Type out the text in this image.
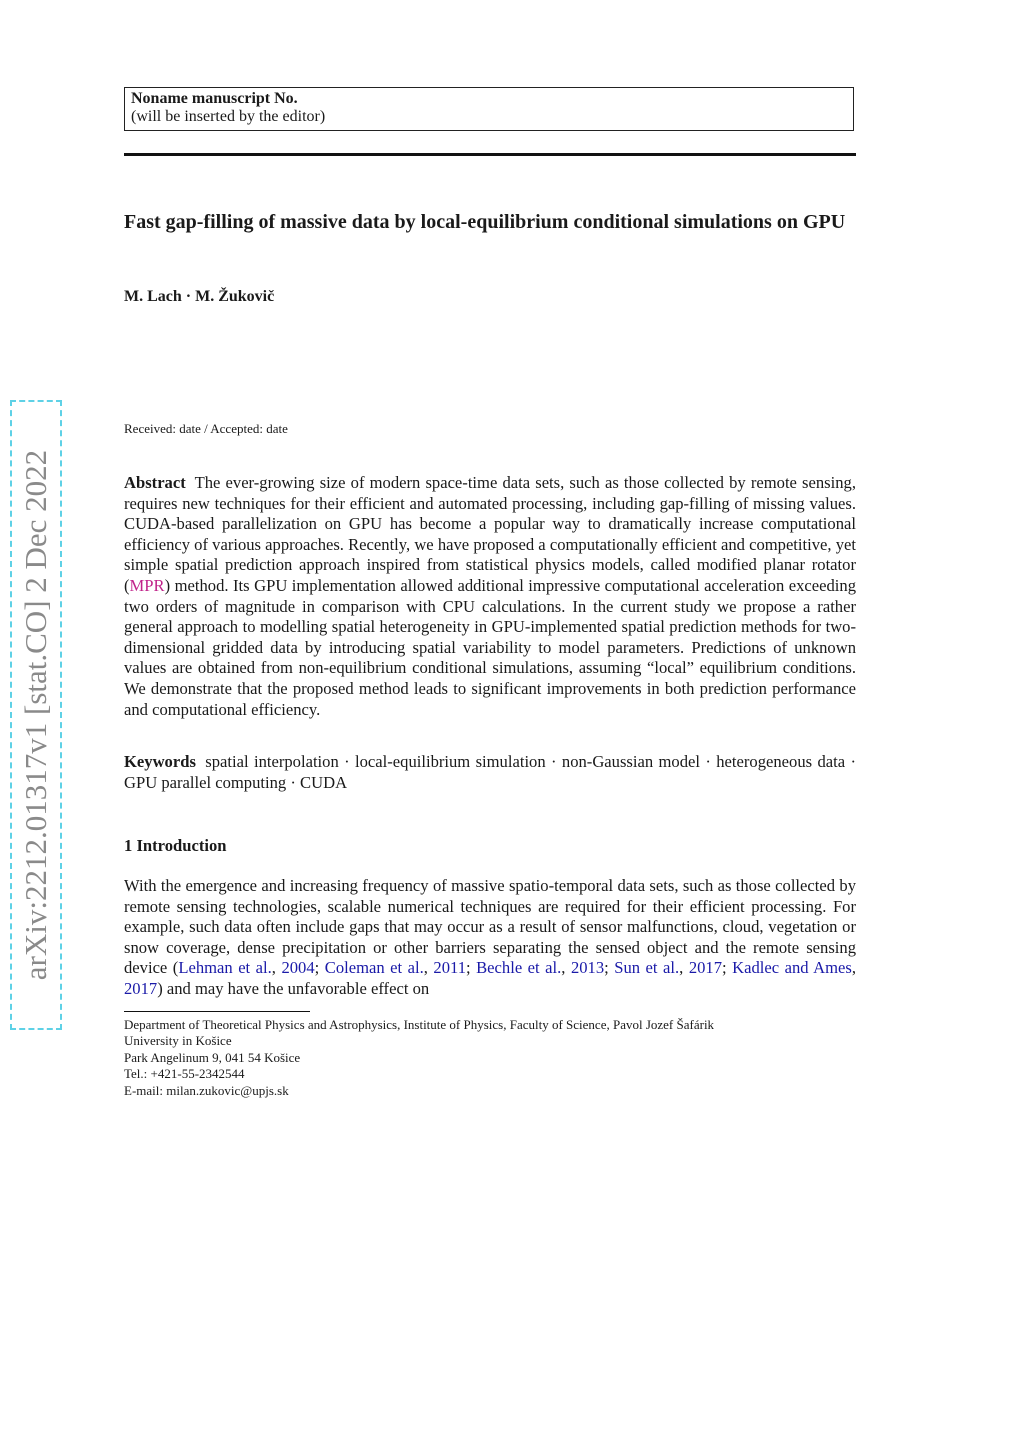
Noname manuscript No.
(will be inserted by the editor)
Fast gap-filling of massive data by local-equilibrium conditional simulations on GPU
M. Lach · M. Žukovič
Received: date / Accepted: date

Abstract The ever-growing size of modern space-time data sets, such as those collected by remote sensing, requires new techniques for their efficient and automated processing, including gap-filling of missing values. CUDA-based parallelization on GPU has become a popular way to dramatically increase computational efficiency of various approaches. Recently, we have proposed a computationally efficient and competitive, yet simple spatial prediction approach inspired from statistical physics models, called modified planar rotator (MPR) method. Its GPU implementation allowed additional impressive computational acceleration exceeding two orders of magnitude in comparison with CPU calculations. In the current study we propose a rather general approach to modelling spatial heterogeneity in GPU-implemented spatial prediction methods for two-dimensional gridded data by introducing spatial variability to model parameters. Predictions of unknown values are obtained from non-equilibrium conditional simulations, assuming “local” equilibrium conditions. We demonstrate that the proposed method leads to significant improvements in both prediction performance and computational efficiency.

Keywords spatial interpolation · local-equilibrium simulation · non-Gaussian model · heterogeneous data · GPU parallel computing · CUDA

1 Introduction

With the emergence and increasing frequency of massive spatio-temporal data sets, such as those collected by remote sensing technologies, scalable numerical techniques are required for their efficient processing. For example, such data often include gaps that may occur as a result of sensor malfunctions, cloud, vegetation or snow coverage, dense precipitation or other barriers separating the sensed object and the remote sensing device (Lehman et al., 2004; Coleman et al., 2011; Bechle et al., 2013; Sun et al., 2017; Kadlec and Ames, 2017) and may have the unfavorable effect on

Department of Theoretical Physics and Astrophysics, Institute of Physics, Faculty of Science, Pavol Jozef Šafárik
University in Košice
Park Angelinum 9, 041 54 Košice
Tel.: +421-55-2342544
E-mail: milan.zukovic@upjs.sk
arXiv:2212.01317v1 [stat.CO] 2 Dec 2022
